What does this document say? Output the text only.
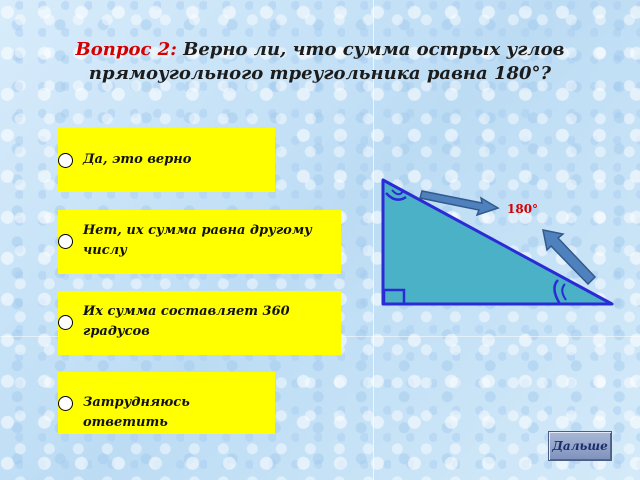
Вопрос 2: Верно ли, что сумма острых углов прямоугольного треугольника равна 180°?
Да, это верно
Нет, их сумма равна другому числу
Их сумма составляет 360 градусов
Затрудняюсь ответить
180°
Дальше
